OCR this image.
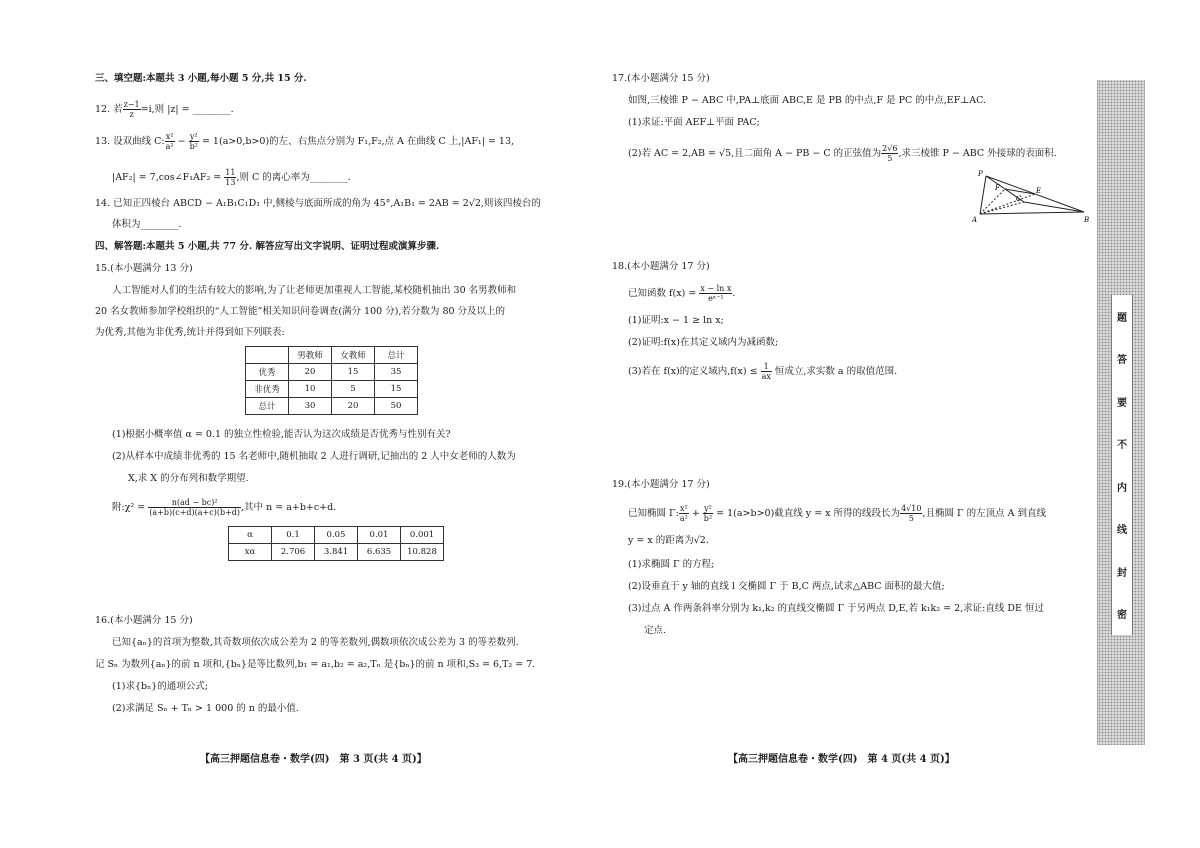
三、填空题:本题共 3 小题,每小题 5 分,共 15 分.
12. 若 $\frac{z-1}{z} =i$,则 |z| = ________.
13. 设双曲线 C: $\frac{\text{x²}}{\text{a²}} - \frac{\text{y²}}{\text{b²}} = 1(a>0,b>0)$的左、右焦点分别为 F₁,F₂,点 A 在曲线 C 上,|AF₁| = 13,
|AF₂| = 7,cos∠F₁AF₂ = $\frac{11}{13}$ ,则 C 的离心率为________.
14. 已知正四棱台 ABCD − A₁B₁C₁D₁ 中,侧棱与底面所成的角为 45°,A₁B₁ = 2AB = 2√2,则该四棱台的
体积为________.
四、解答题:本题共 5 小题,共 77 分. 解答应写出文字说明、证明过程或演算步骤.
15.(本小题满分 13 分)
人工智能对人们的生活有较大的影响,为了让老师更加重视人工智能,某校随机抽出 30 名男教师和
20 名女教师参加学校组织的“人工智能”相关知识问卷调查(满分 100 分),若分数为 80 分及以上的
为优秀,其他为非优秀,统计并得到如下列联表:
	男教师	女教师	总计
优秀	20	15	35
非优秀	10	5	15
总计	30	20	50
(1)根据小概率值 α = 0.1 的独立性检验,能否认为这次成绩是否优秀与性别有关?
(2)从样本中成绩非优秀的 15 名老师中,随机抽取 2 人进行调研,记抽出的 2 人中女老师的人数为
X,求 X 的分布列和数学期望.
附:χ² = $\frac{\text{n(ad − bc)²}}{(a+b)(c+d)(a+c)(b+d)}$ ,其中 n = a+b+c+d.
α	0.1	0.05	0.01	0.001
xα	2.706	3.841	6.635	10.828
16.(本小题满分 15 分)
已知{aₙ}的首项为整数,其奇数项依次成公差为 2 的等差数列,偶数项依次成公差为 3 的等差数列.
记 Sₙ 为数列{aₙ}的前 n 项和,{bₙ}是等比数列,b₁ = a₁,b₂ = a₂,Tₙ 是{bₙ}的前 n 项和,S₃ = 6,T₂ = 7.
(1)求{bₙ}的通项公式;
(2)求满足 Sₙ + Tₙ > 1 000 的 n 的最小值.
【高三押题信息卷・数学(四)　第 3 页(共 4 页)】
17.(本小题满分 15 分)
如图,三棱锥 P − ABC 中,PA⊥底面 ABC,E 是 PB 的中点,F 是 PC 的中点,EF⊥AC.
(1)求证:平面 AEF⊥平面 PAC;
(2)若 AC = 2,AB = √5,且二面角 A − PB − C 的正弦值为 $\frac{2√6}{5}$ ,求三棱锥 P − ABC 外接球的表面积.
P
E
F
C
A	B
18.(本小题满分 17 分)
已知函数 $f(x) = \frac{\text{x − ln x}}{\text{eˣ⁻¹}}$ .
(1)证明:x − 1 ≥ ln x;
(2)证明:f(x)在其定义域内为减函数;
(3)若在 f(x)的定义域内$,f(x) \le \frac{1}{ax}$ 恒成立,求实数 a 的取值范围.
19.(本小题满分 17 分)
已知椭圆 Γ: $\frac{\text{x²}}{\text{a²}} + \frac{\text{y²}}{\text{b²}} = 1(a>b>0)$截直线 y = x 所得的线段长为 $\frac{4√10}{5}$ ,且椭圆 Γ 的左顶点 A 到直线
y = x 的距离为√2.
(1)求椭圆 Γ 的方程;
(2)设垂直于 y 轴的直线 l 交椭圆 Γ 于 B,C 两点,试求△ABC 面积的最大值;
(3)过点 A 作两条斜率分别为 k₁,k₂ 的直线交椭圆 Γ 于另两点 D,E,若 k₁k₂ = 2,求证:直线 DE 恒过
定点.
【高三押题信息卷・数学(四)　第 4 页(共 4 页)】
题
答
要
不
内
线
封
密
